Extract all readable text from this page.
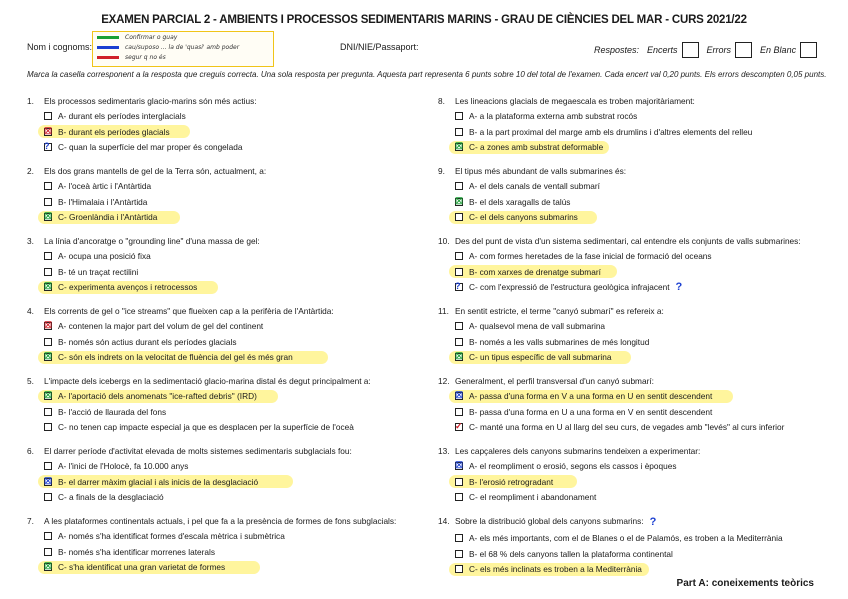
EXAMEN PARCIAL 2 - AMBIENTS I PROCESSOS SEDIMENTARIS MARINS - GRAU DE CIÈNCIES DEL MAR - CURS 2021/22
Nom i cognoms:
Confirmar o guay
cau/suposo ... la de 'quasi' amb poder
segur q no és
DNI/NIE/Passaport:	Respostes: Encerts	Errors	En Blanc
Marca la casella corresponent a la resposta que creguis correcta. Una sola resposta per pregunta. Aquesta part representa 6 punts sobre 10 del total de l'examen. Cada encert val 0,20 punts. Els errors descompten 0,05 punts.
1.	Els processos sedimentaris glacio-marins són més actius:
A- durant els períodes interglacials
☒ B- durant els períodes glacials
? C- quan la superfície del mar proper és congelada
2.	Els dos grans mantells de gel de la Terra són, actualment, a:
A- l'oceà àrtic i l'Antàrtida
B- l'Himalaia i l'Antàrtida
☒ C- Groenlàndia i l'Antàrtida
3.	La línia d'ancoratge o "grounding line" d'una massa de gel:
A- ocupa una posició fixa
B- té un traçat rectilini
☒ C- experimenta avenços i retrocessos
4.	Els corrents de gel o "ice streams" que flueixen cap a la perifèria de l'Antàrtida:
☒ A- contenen la major part del volum de gel del continent
B- només són actius durant els períodes glacials
☒ C- són els indrets on la velocitat de fluència del gel és més gran
5.	L'impacte dels icebergs en la sedimentació glacio-marina distal és degut principalment a:
☒ A- l'aportació dels anomenats "ice-rafted debris" (IRD)
B- l'acció de llaurada del fons
C- no tenen cap impacte especial ja que es desplacen per la superfície de l'oceà
6.	El darrer període d'activitat elevada de molts sistemes sedimentaris subglacials fou:
A- l'inici de l'Holocè, fa 10.000 anys
☒ B- el darrer màxim glacial i als inicis de la desglaciació
C- a finals de la desglaciació
7.	A les plataformes continentals actuals, i pel que fa a la presència de formes de fons subglacials:
A- només s'ha identificat formes d'escala mètrica i submètrica
B- només s'ha identificar morrenes laterals
☒ C- s'ha identificat una gran varietat de formes
8.	Les lineacions glacials de megaescala es troben majoritàriament:
A- a la plataforma externa amb substrat rocós
B- a la part proximal del marge amb els drumlins i d'altres elements del relleu
☒ C- a zones amb substrat deformable
9.	El tipus més abundant de valls submarines és:
A- el dels canals de ventall submarí
☒ B- el dels xaragalls de talús
C- el dels canyons submarins
10. Des del punt de vista d'un sistema sedimentari, cal entendre els conjunts de valls submarines:
A- com formes heretades de la fase inicial de formació del oceans
B- com xarxes de drenatge submarí
? C- com l'expressió de l'estructura geològica infrajacent ?
11. En sentit estricte, el terme "canyó submarí" es refereix a:
A- qualsevol mena de vall submarina
B- només a les valls submarines de més longitud
☒ C- un tipus específic de vall submarina
12. Generalment, el perfil transversal d'un canyó submarí:
☒ A- passa d'una forma en V a una forma en U en sentit descendent
B- passa d'una forma en U a una forma en V en sentit descendent
✓ C- manté una forma en U al llarg del seu curs, de vegades amb "levés" al curs inferior
13. Les capçaleres dels canyons submarins tendeixen a experimentar:
☒ A- el reompliment o erosió, segons els cassos i èpoques
B- l'erosió retrogradant
C- el reompliment i abandonament
14. Sobre la distribució global dels canyons submarins: ?
A- els més importants, com el de Blanes o el de Palamós, es troben a la Mediterrània
B- el 68 % dels canyons tallen la plataforma continental
C- els més inclinats es troben a la Mediterrània
Part A: coneixements teòrics
